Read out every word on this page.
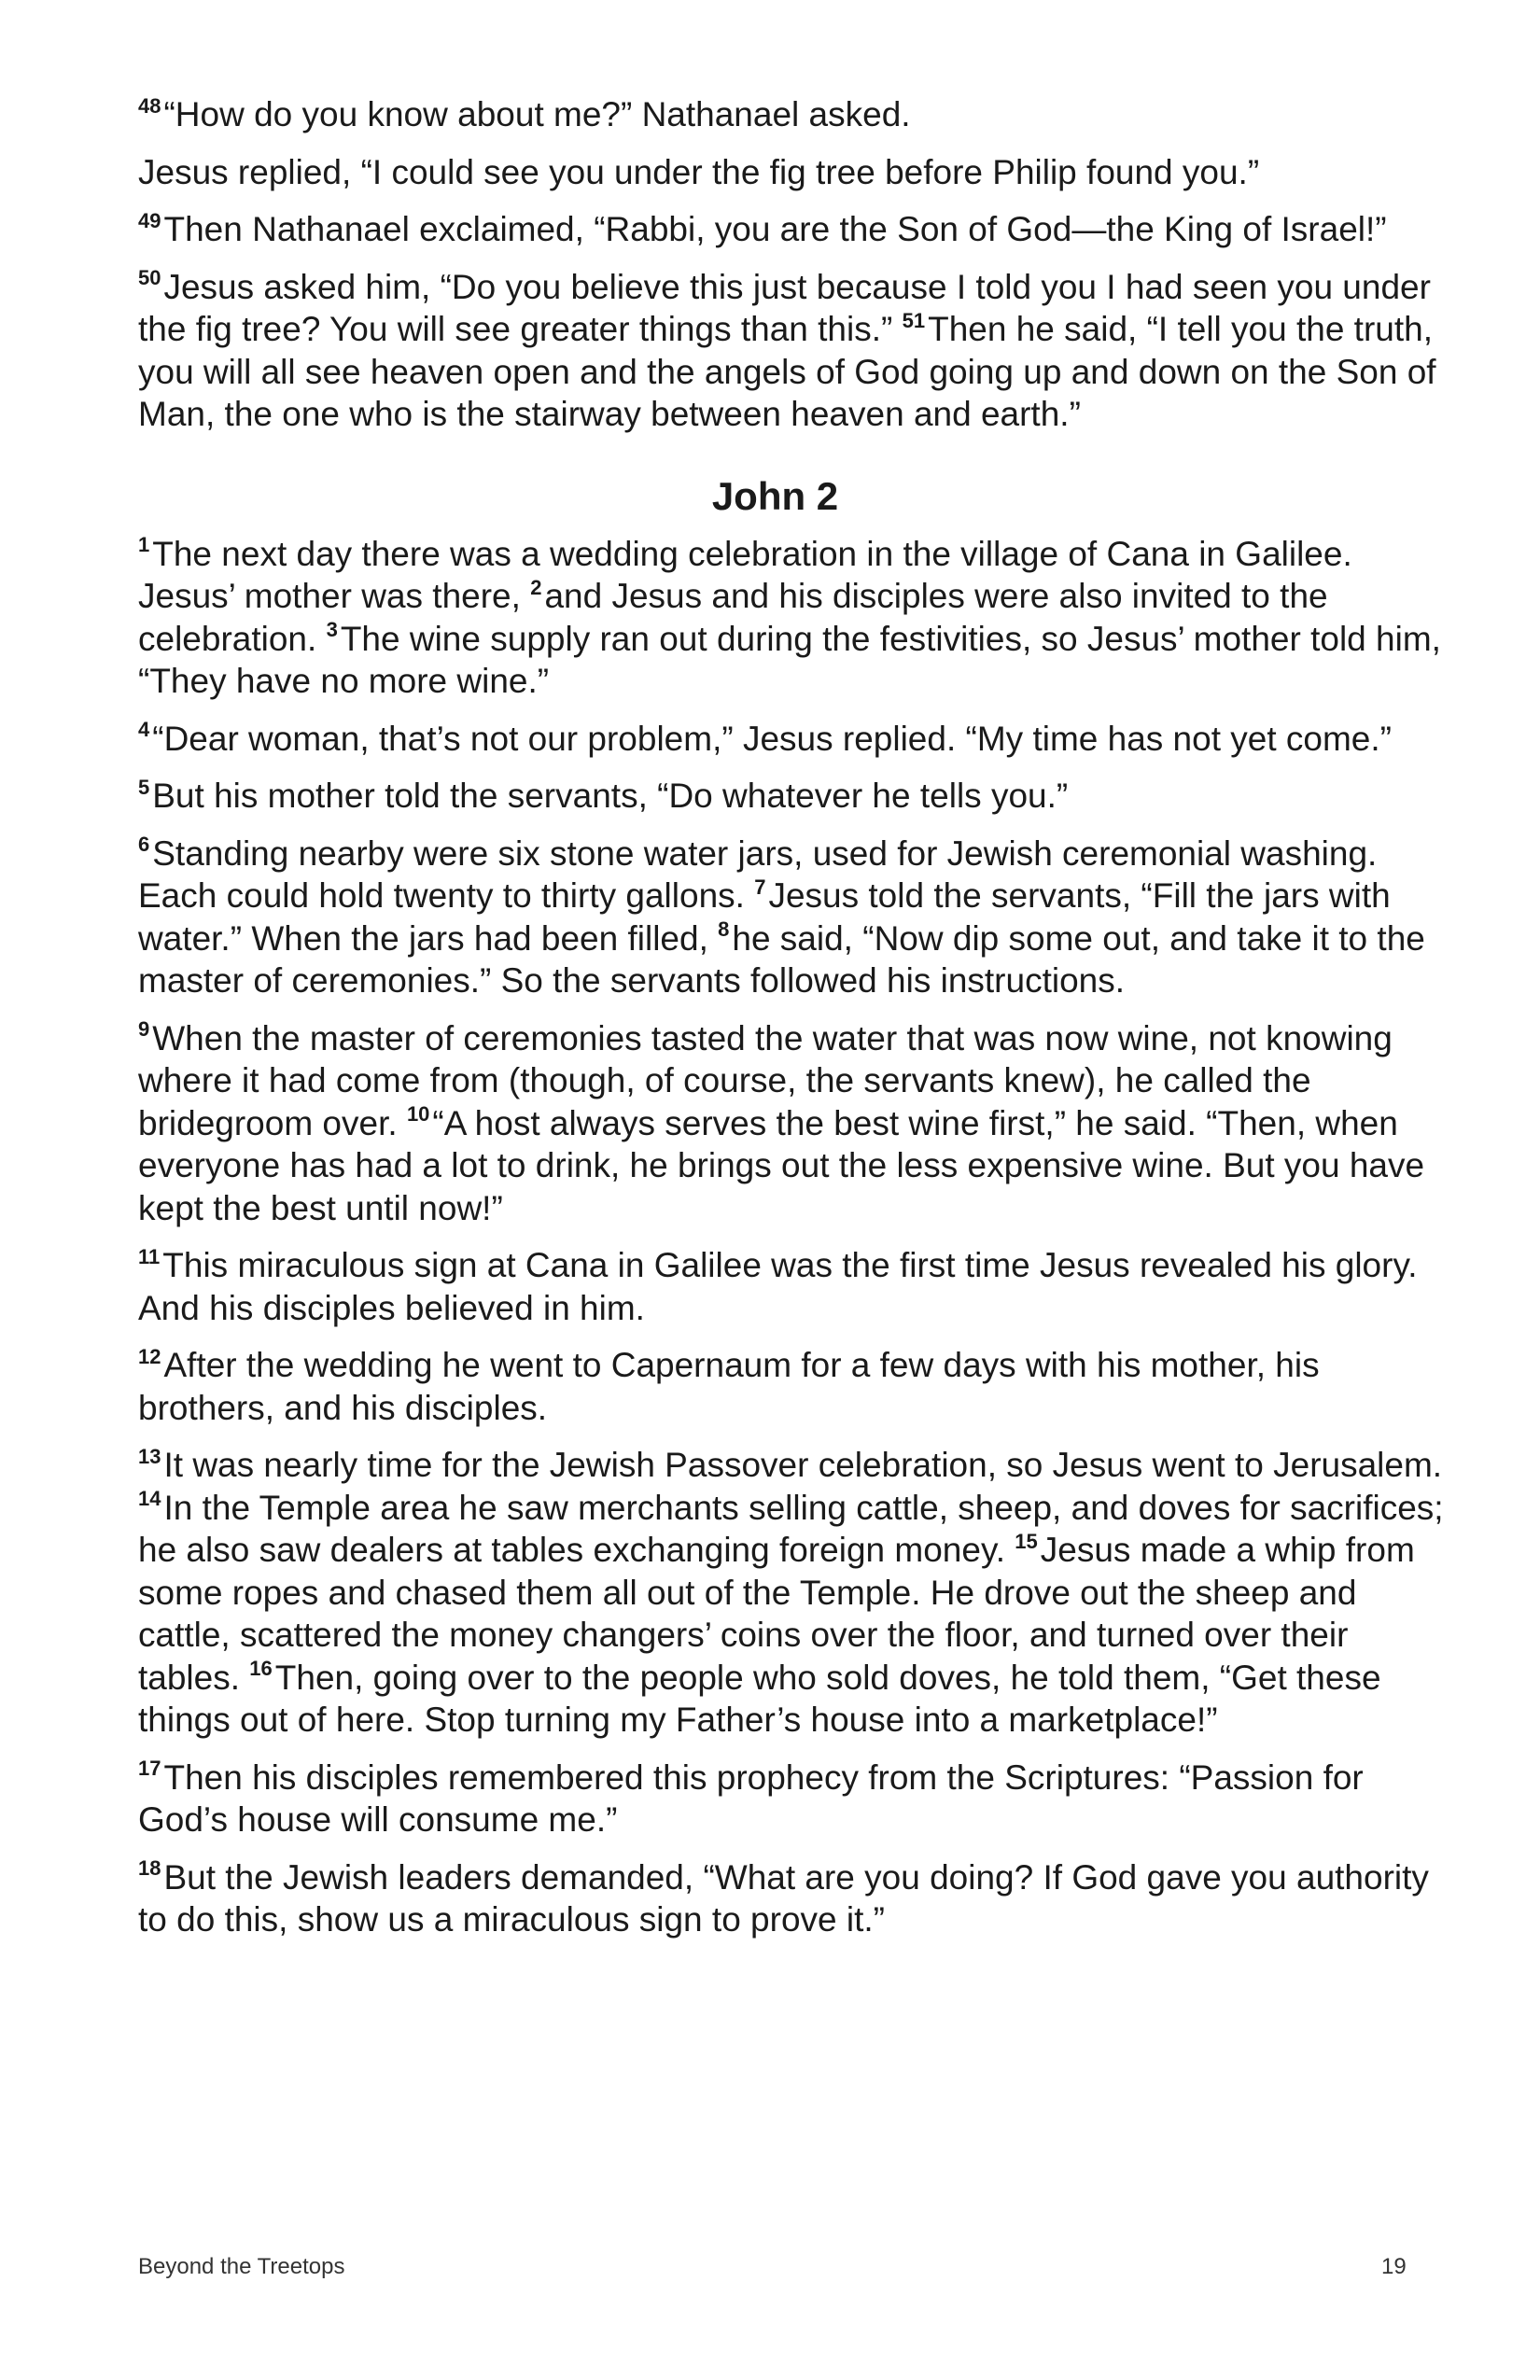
$^{48}$“How do you know about me?” Nathanael asked.

Jesus replied, “I could see you under the fig tree before Philip found you.”

$^{49}$Then Nathanael exclaimed, “Rabbi, you are the Son of God—the King of Israel!”

$^{50}$Jesus asked him, “Do you believe this just because I told you I had seen you under the fig tree? You will see greater things than this.” $^{51}$Then he said, “I tell you the truth, you will all see heaven open and the angels of God going up and down on the Son of Man, the one who is the stairway between heaven and earth.”

John 2

$^1$The next day there was a wedding celebration in the village of Cana in Galilee. Jesus’ mother was there, $^2$and Jesus and his disciples were also invited to the celebration. $^3$The wine supply ran out during the festivities, so Jesus’ mother told him, “They have no more wine.”

$^4$“Dear woman, that’s not our problem,” Jesus replied. “My time has not yet come.”

$^5$But his mother told the servants, “Do whatever he tells you.”

$^6$Standing nearby were six stone water jars, used for Jewish ceremonial washing. Each could hold twenty to thirty gallons. $^7$Jesus told the servants, “Fill the jars with water.” When the jars had been filled, $^8$he said, “Now dip some out, and take it to the master of ceremonies.” So the servants followed his instructions.

$^9$When the master of ceremonies tasted the water that was now wine, not knowing where it had come from (though, of course, the servants knew), he called the bridegroom over. $^{10}$“A host always serves the best wine first,” he said. “Then, when everyone has had a lot to drink, he brings out the less expensive wine. But you have kept the best until now!”

$^{11}$This miraculous sign at Cana in Galilee was the first time Jesus revealed his glory. And his disciples believed in him.

$^{12}$After the wedding he went to Capernaum for a few days with his mother, his brothers, and his disciples.

$^{13}$It was nearly time for the Jewish Passover celebration, so Jesus went to Jerusalem. $^{14}$In the Temple area he saw merchants selling cattle, sheep, and doves for sacrifices; he also saw dealers at tables exchanging foreign money. $^{15}$Jesus made a whip from some ropes and chased them all out of the Temple. He drove out the sheep and cattle, scattered the money changers’ coins over the floor, and turned over their tables. $^{16}$Then, going over to the people who sold doves, he told them, “Get these things out of here. Stop turning my Father’s house into a marketplace!”

$^{17}$Then his disciples remembered this prophecy from the Scriptures: “Passion for God’s house will consume me.”

$^{18}$But the Jewish leaders demanded, “What are you doing? If God gave you authority to do this, show us a miraculous sign to prove it.”

Beyond the Treetops	19
